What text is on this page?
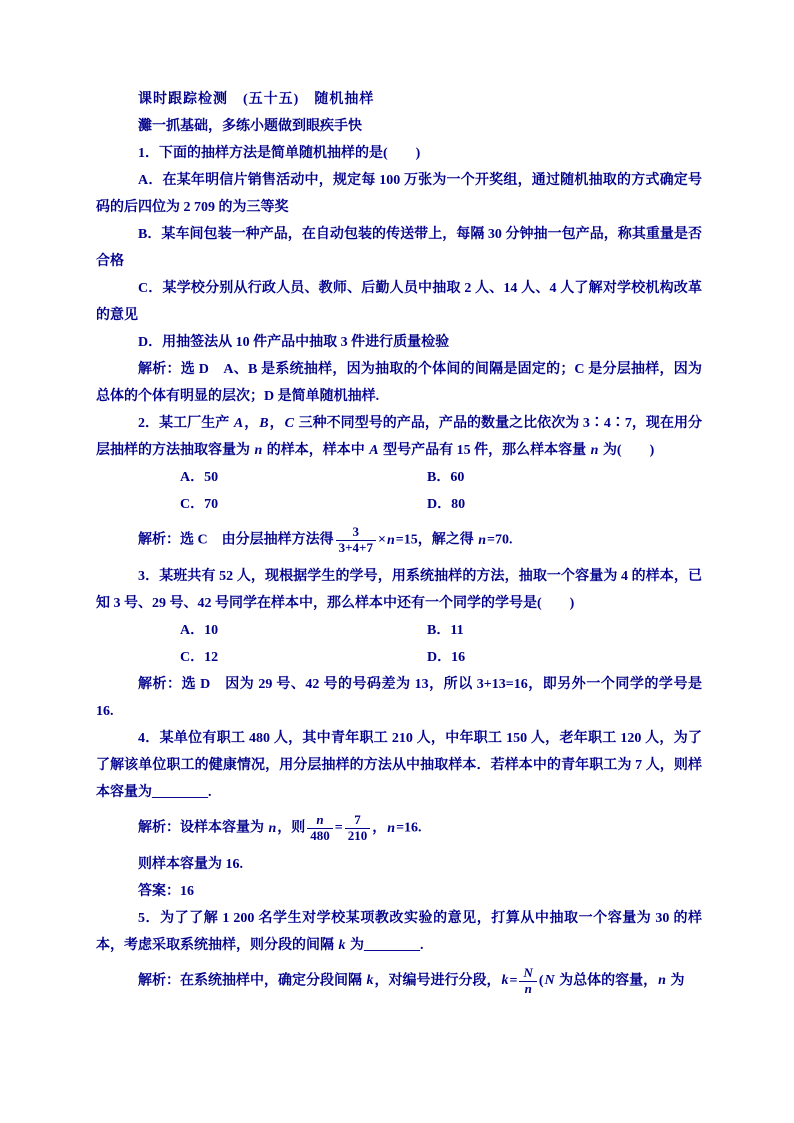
课时跟踪检测　(五十五)　随机抽样

灘一抓基础，多练小题做到眼疾手快

1．下面的抽样方法是简单随机抽样的是(　　)

A．在某年明信片销售活动中，规定每 100 万张为一个开奖组，通过随机抽取的方式确定号码的后四位为 2 709 的为三等奖

B．某车间包装一种产品，在自动包装的传送带上，每隔 30 分钟抽一包产品，称其重量是否合格

C．某学校分别从行政人员、教师、后勤人员中抽取 2 人、14 人、4 人了解对学校机构改革的意见

D．用抽签法从 10 件产品中抽取 3 件进行质量检验

解析：选 D　A、B 是系统抽样，因为抽取的个体间的间隔是固定的；C 是分层抽样，因为总体的个体有明显的层次；D 是简单随机抽样.

2．某工厂生产 A，B，C 三种不同型号的产品，产品的数量之比依次为 3∶4∶7，现在用分层抽样的方法抽取容量为 n 的样本，样本中 A 型号产品有 15 件，那么样本容量 n 为(　　)

A．50	B．60

C．70	D．80

解析：选 C　由分层抽样方法得 $\frac{3}{3+4+7} \times n=15$，解之得 n=70.

3．某班共有 52 人，现根据学生的学号，用系统抽样的方法，抽取一个容量为 4 的样本，已知 3 号、29 号、42 号同学在样本中，那么样本中还有一个同学的学号是(　　)

A．10	B．11

C．12	D．16

解析：选 D　因为 29 号、42 号的号码差为 13，所以 3+13=16，即另外一个同学的学号是 16.

4．某单位有职工 480 人，其中青年职工 210 人，中年职工 150 人，老年职工 120 人，为了了解该单位职工的健康情况，用分层抽样的方法从中抽取样本．若样本中的青年职工为 7 人，则样本容量为________.

解析：设样本容量为 n，则 $\frac{n}{480} = \frac{7}{210}$ ，n=16.

则样本容量为 16.

答案：16

5．为了了解 1 200 名学生对学校某项教改实验的意见，打算从中抽取一个容量为 30 的样本，考虑采取系统抽样，则分段的间隔 k 为________.

解析：在系统抽样中，确定分段间隔 k，对编号进行分段，$k= \frac{N}{n} (N$ 为总体的容量，n 为
